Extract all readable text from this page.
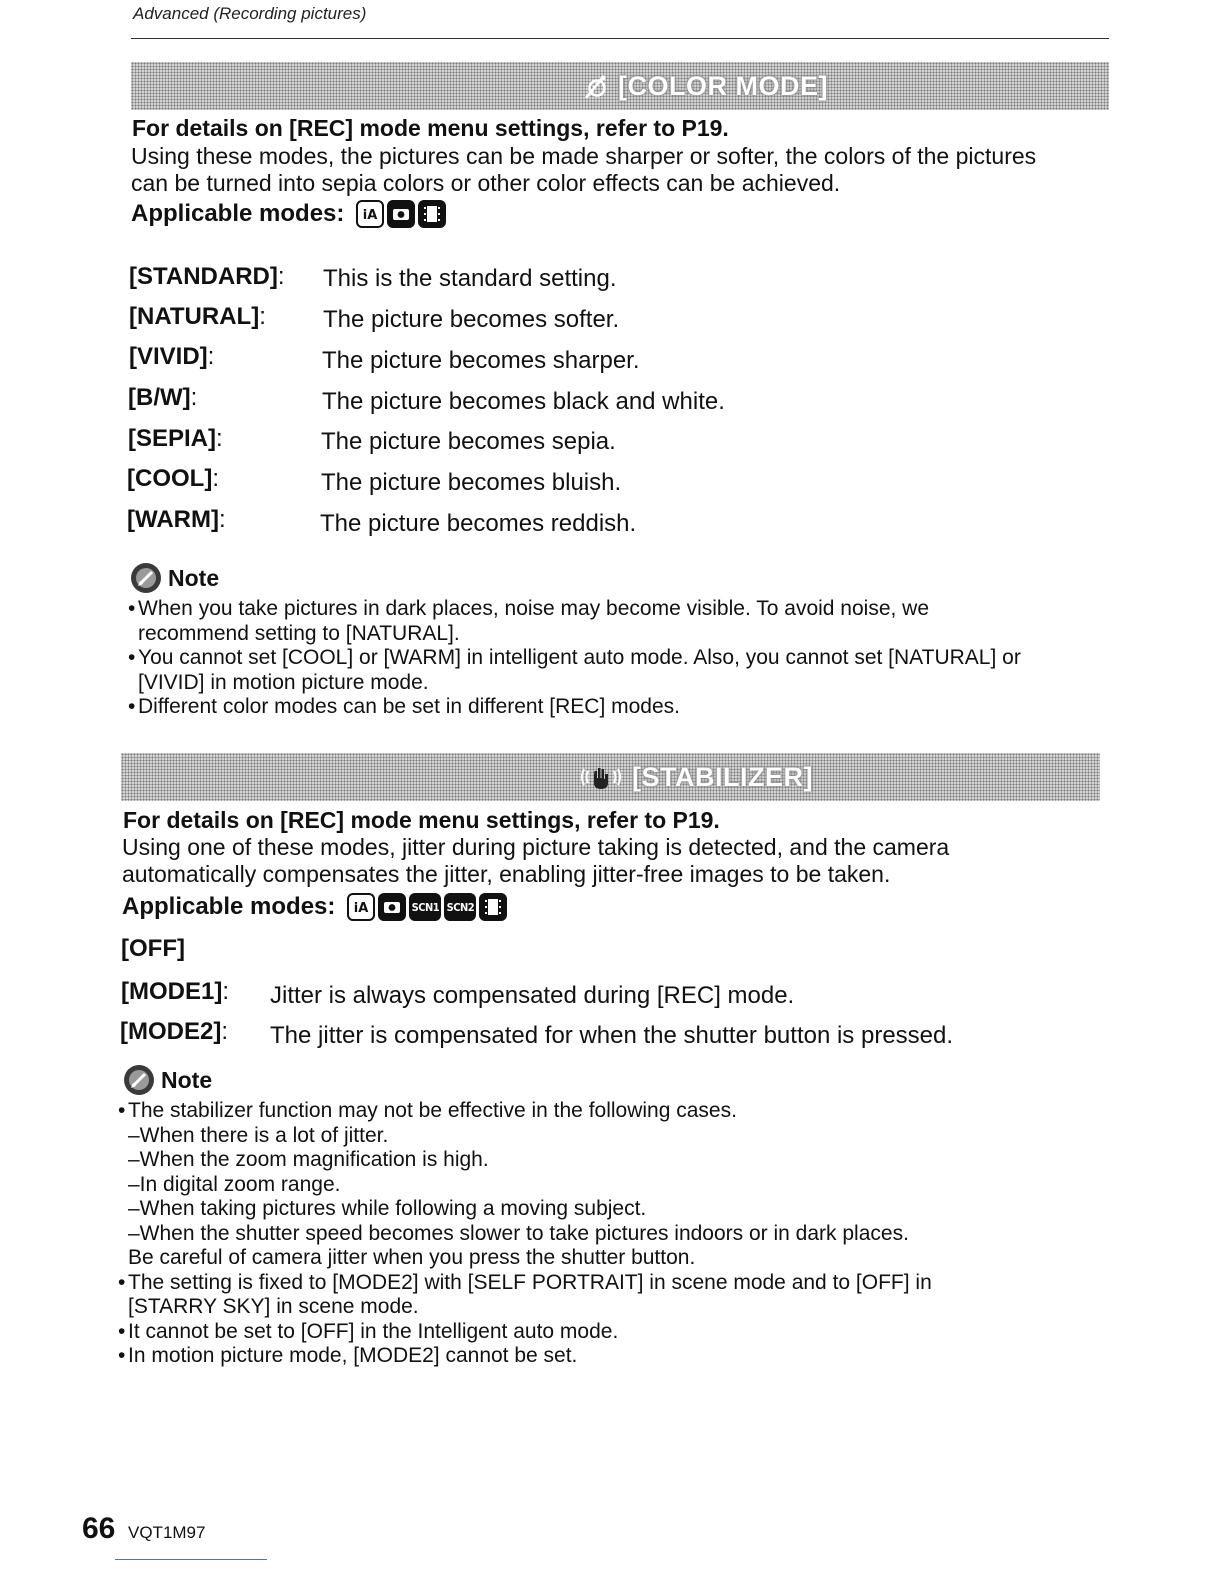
Advanced (Recording pictures)
[COLOR MODE]
For details on [REC] mode menu settings, refer to P19.
Using these modes, the pictures can be made sharper or softer, the colors of the pictures
can be turned into sepia colors or other color effects can be achieved.
Applicable modes: iA
[STANDARD] : This is the standard setting.
[NATURAL] : The picture becomes softer.
[VIVID] :	The picture becomes sharper.
[B/W] :	The picture becomes black and white.
[SEPIA] :	The picture becomes sepia.
[COOL] :	The picture becomes bluish.
[WARM] :	The picture becomes reddish.
Note
• When you take pictures in dark places, noise may become visible. To avoid noise, we
recommend setting to [NATURAL].
• You cannot set [COOL] or [WARM] in intelligent auto mode. Also, you cannot set [NATURAL] or
[VIVID] in motion picture mode.
• Different color modes can be set in different [REC] modes.
[STABILIZER]
For details on [REC] mode menu settings, refer to P19.
Using one of these modes, jitter during picture taking is detected, and the camera
automatically compensates the jitter, enabling jitter-free images to be taken.
Applicable modes: iA	SCN1 SCN2
[OFF]
[MODE1] : Jitter is always compensated during [REC] mode.
[MODE2] : The jitter is compensated for when the shutter button is pressed.
Note
• The stabilizer function may not be effective in the following cases.
–When there is a lot of jitter.
–When the zoom magnification is high.
–In digital zoom range.
–When taking pictures while following a moving subject.
–When the shutter speed becomes slower to take pictures indoors or in dark places.
Be careful of camera jitter when you press the shutter button.
• The setting is fixed to [MODE2] with [SELF PORTRAIT] in scene mode and to [OFF] in
[STARRY SKY] in scene mode.
• It cannot be set to [OFF] in the Intelligent auto mode.
• In motion picture mode, [MODE2] cannot be set.
66 VQT1M97
